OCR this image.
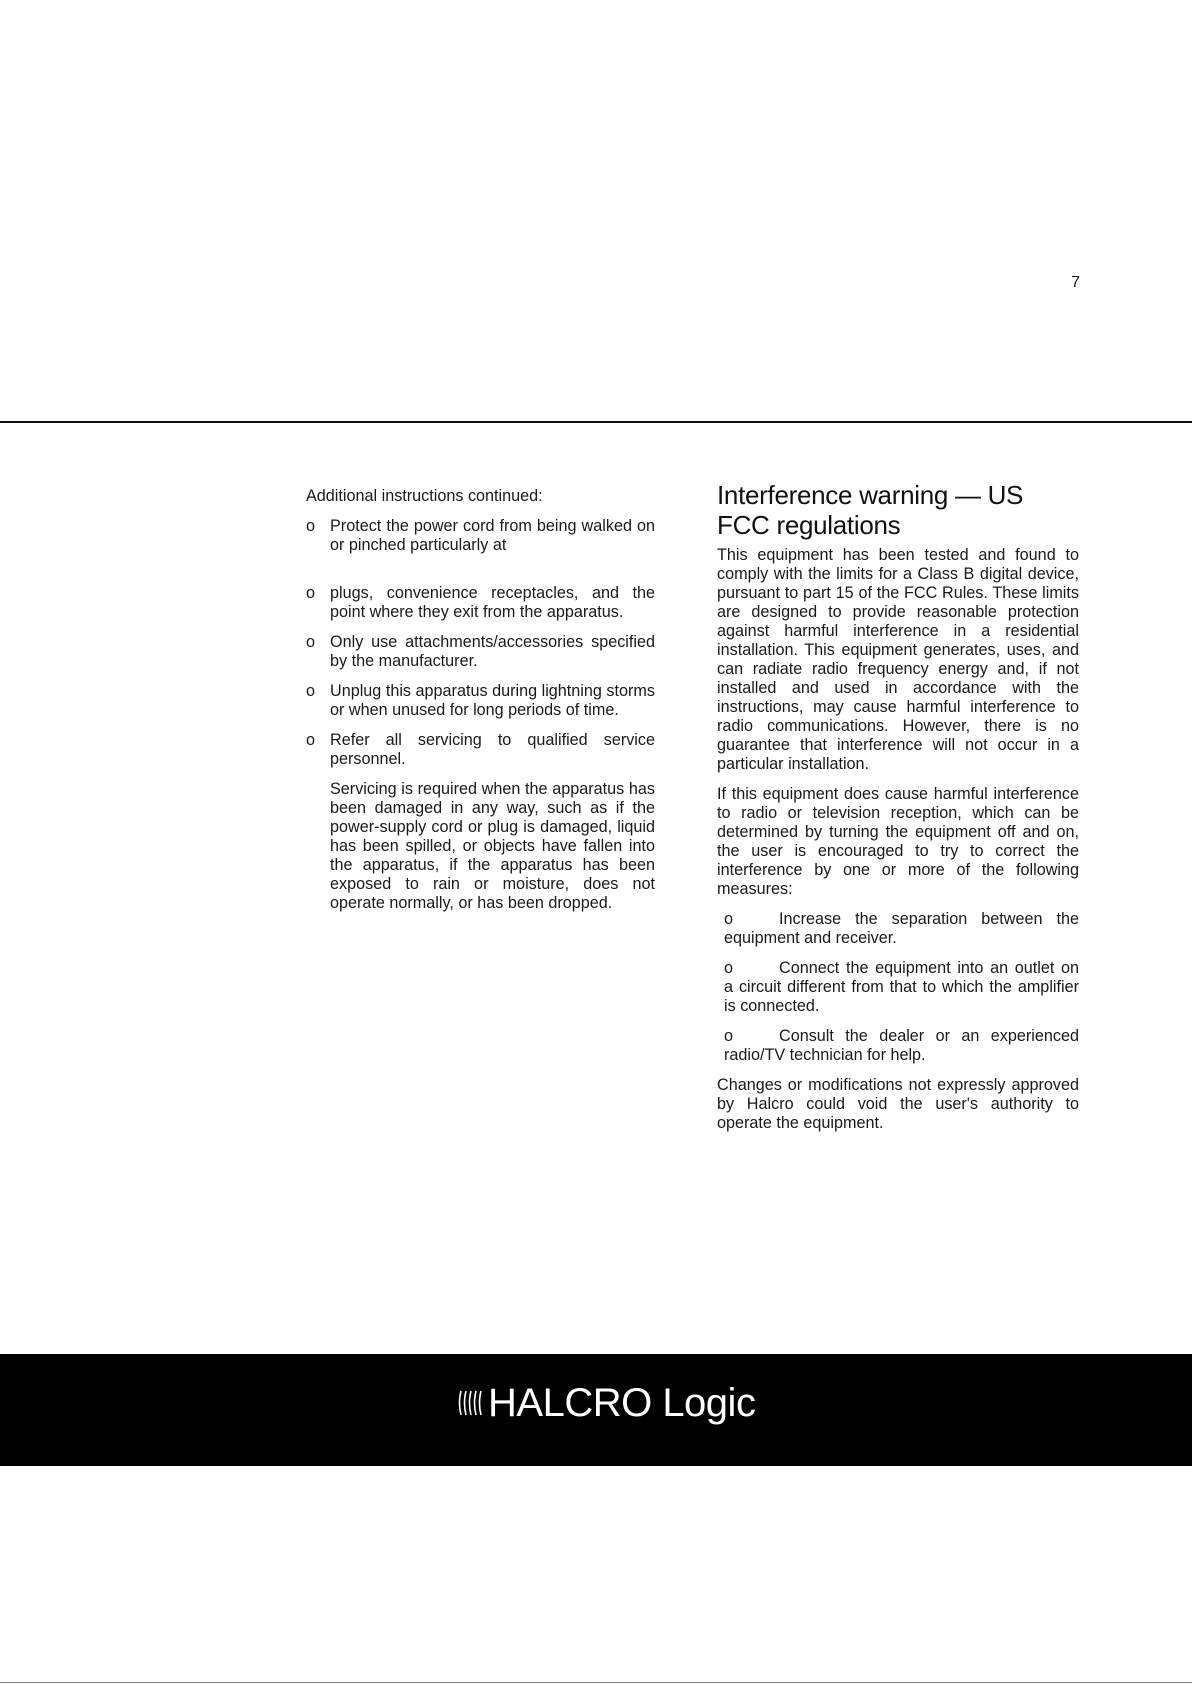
7

Additional instructions continued:

o Protect the power cord from being walked on or pinched particularly at
o plugs, convenience receptacles, and the point where they exit from the apparatus.
o Only use attachments/accessories specified by the manufacturer.
o Unplug this apparatus during lightning storms or when unused for long periods of time.
o Refer all servicing to qualified service personnel.

Servicing is required when the apparatus has been damaged in any way, such as if the power-supply cord or plug is damaged, liquid has been spilled, or objects have fallen into the apparatus, if the apparatus has been exposed to rain or moisture, does not operate normally, or has been dropped.

Interference warning — US
FCC regulations

This equipment has been tested and found to comply with the limits for a Class B digital device, pursuant to part 15 of the FCC Rules. These limits are designed to provide reasonable protection against harmful interference in a residential installation. This equipment generates, uses, and can radiate radio frequency energy and, if not installed and used in accordance with the instructions, may cause harmful interference to radio communications. However, there is no guarantee that interference will not occur in a particular installation.

If this equipment does cause harmful interference to radio or television reception, which can be determined by turning the equipment off and on, the user is encouraged to try to correct the interference by one or more of the following measures:

o	Increase the separation between the equipment and receiver.

o	Connect the equipment into an outlet on a circuit different from that to which the amplifier is connected.

o	Consult the dealer or an experienced radio/TV technician for help.

Changes or modifications not expressly approved by Halcro could void the user's authority to operate the equipment.

HALCRO Logic
